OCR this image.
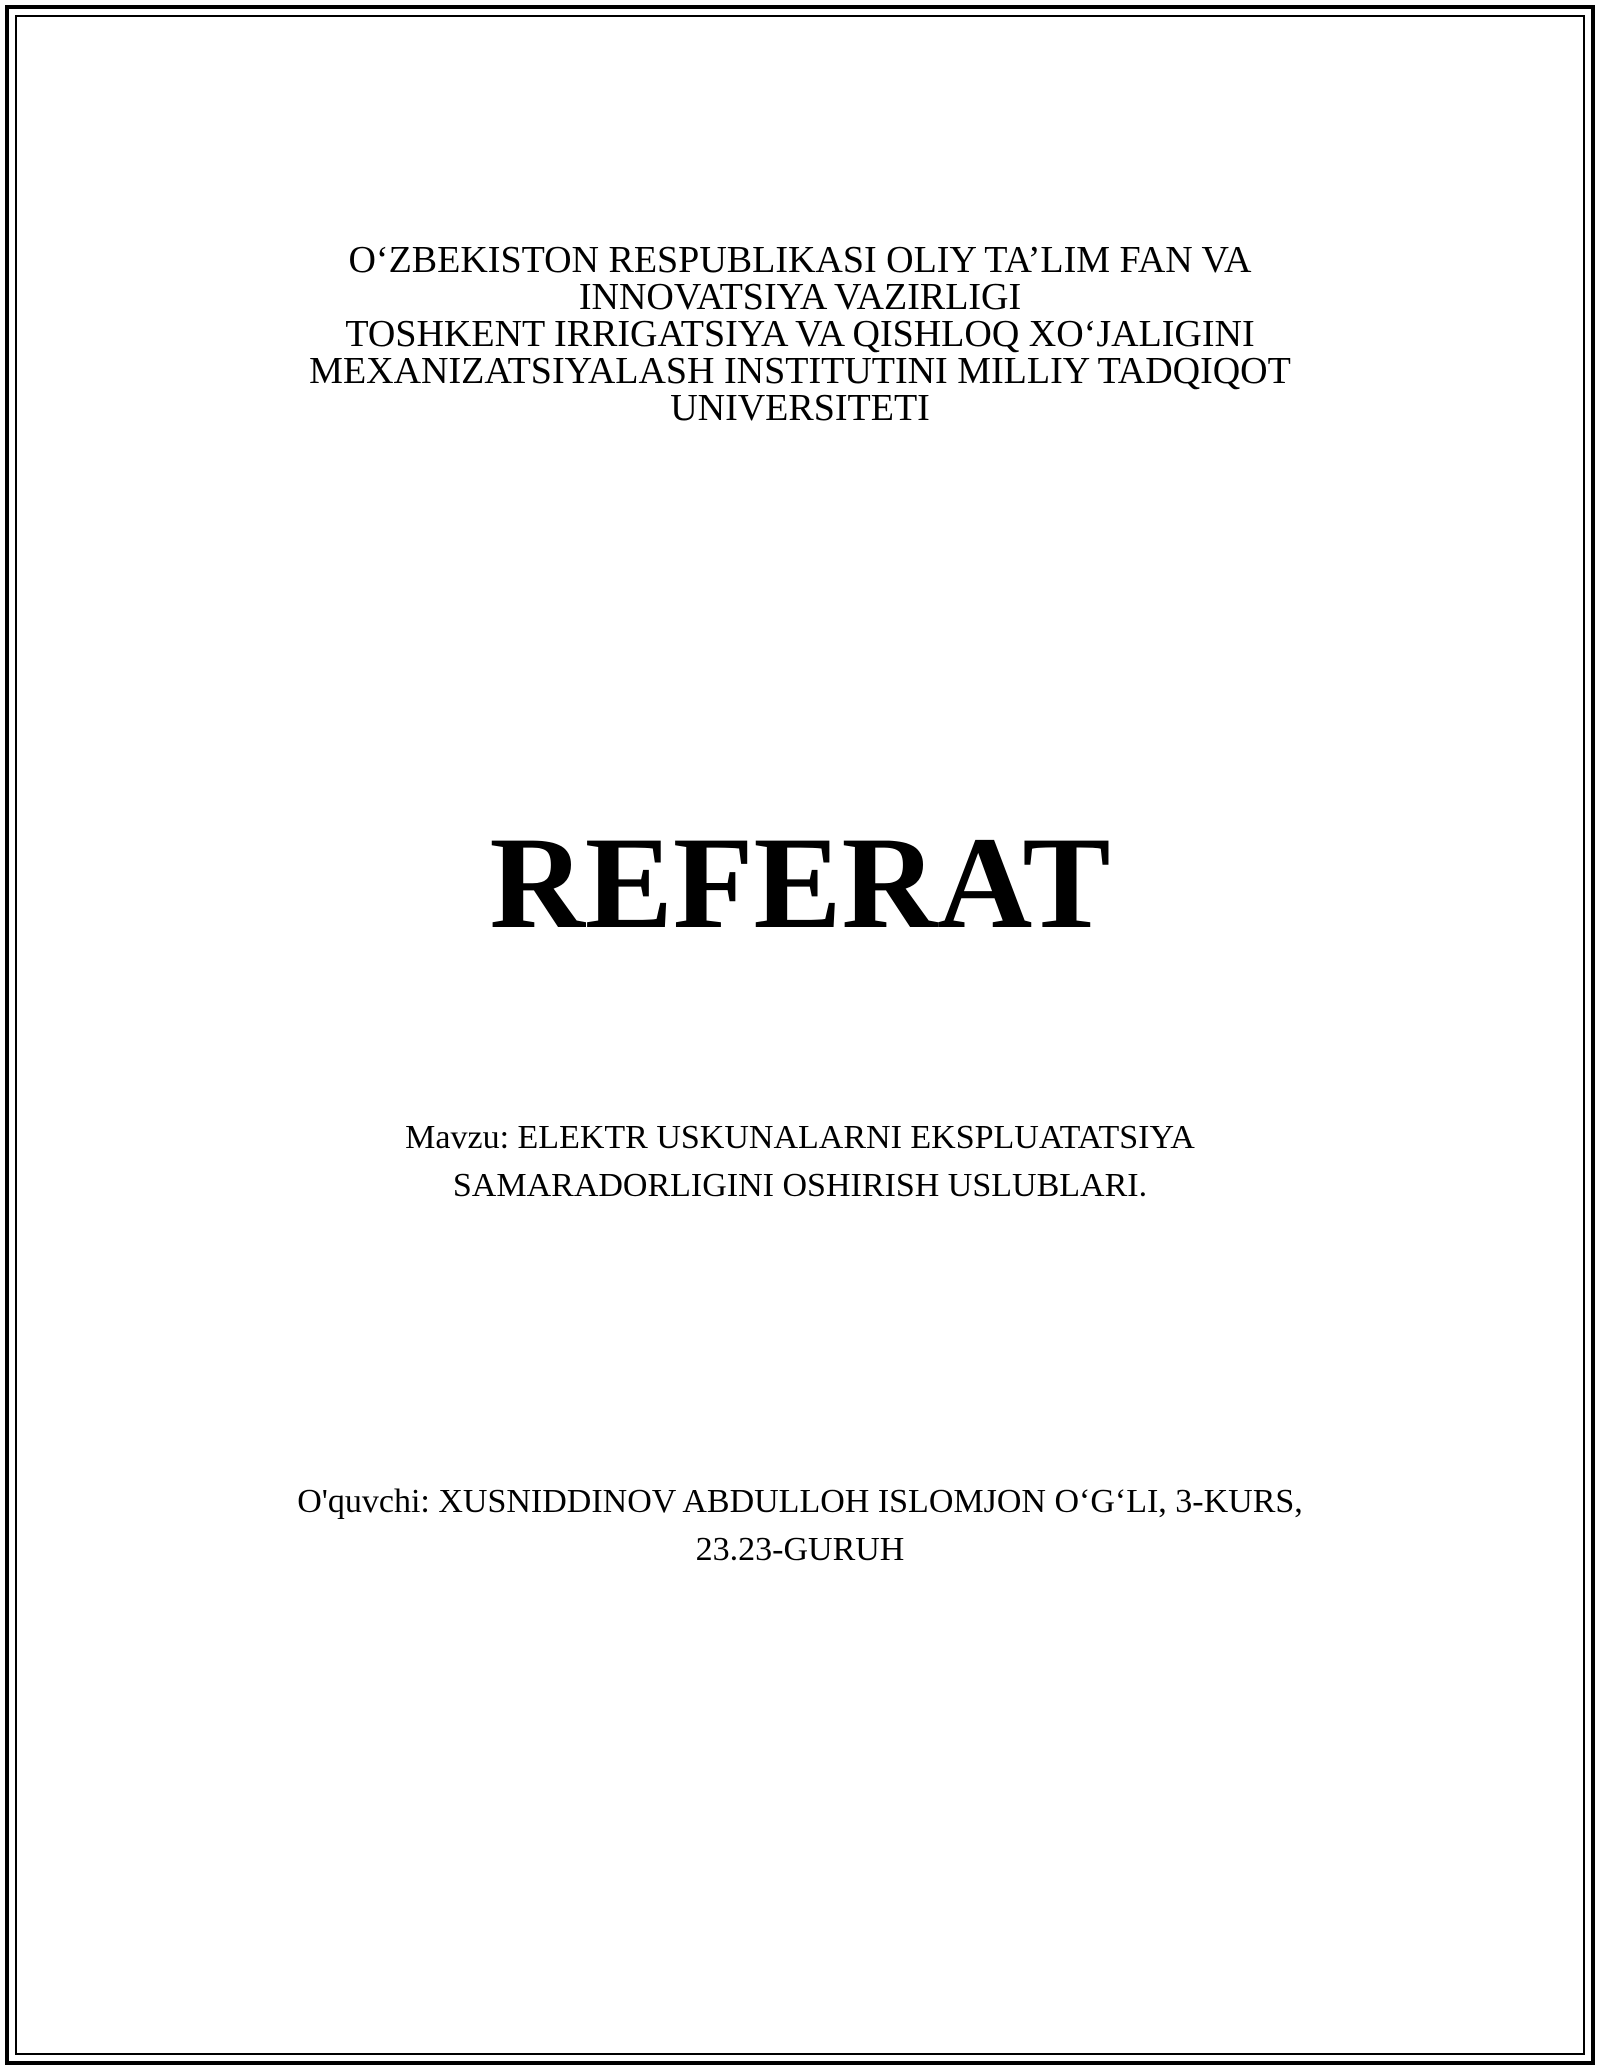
O‘ZBEKISTON RESPUBLIKASI OLIY TA’LIM FAN VA
INNOVATSIYA VAZIRLIGI
TOSHKENT IRRIGATSIYA VA QISHLOQ XO‘JALIGINI
MEXANIZATSIYALASH INSTITUTINI MILLIY TADQIQOT
UNIVERSITETI
REFERAT
Mavzu: ELEKTR USKUNALARNI EKSPLUATATSIYA
SAMARADORLIGINI OSHIRISH USLUBLARI.
O'quvchi: XUSNIDDINOV ABDULLOH ISLOMJON O‘G‘LI, 3-KURS,
23.23-GURUH
